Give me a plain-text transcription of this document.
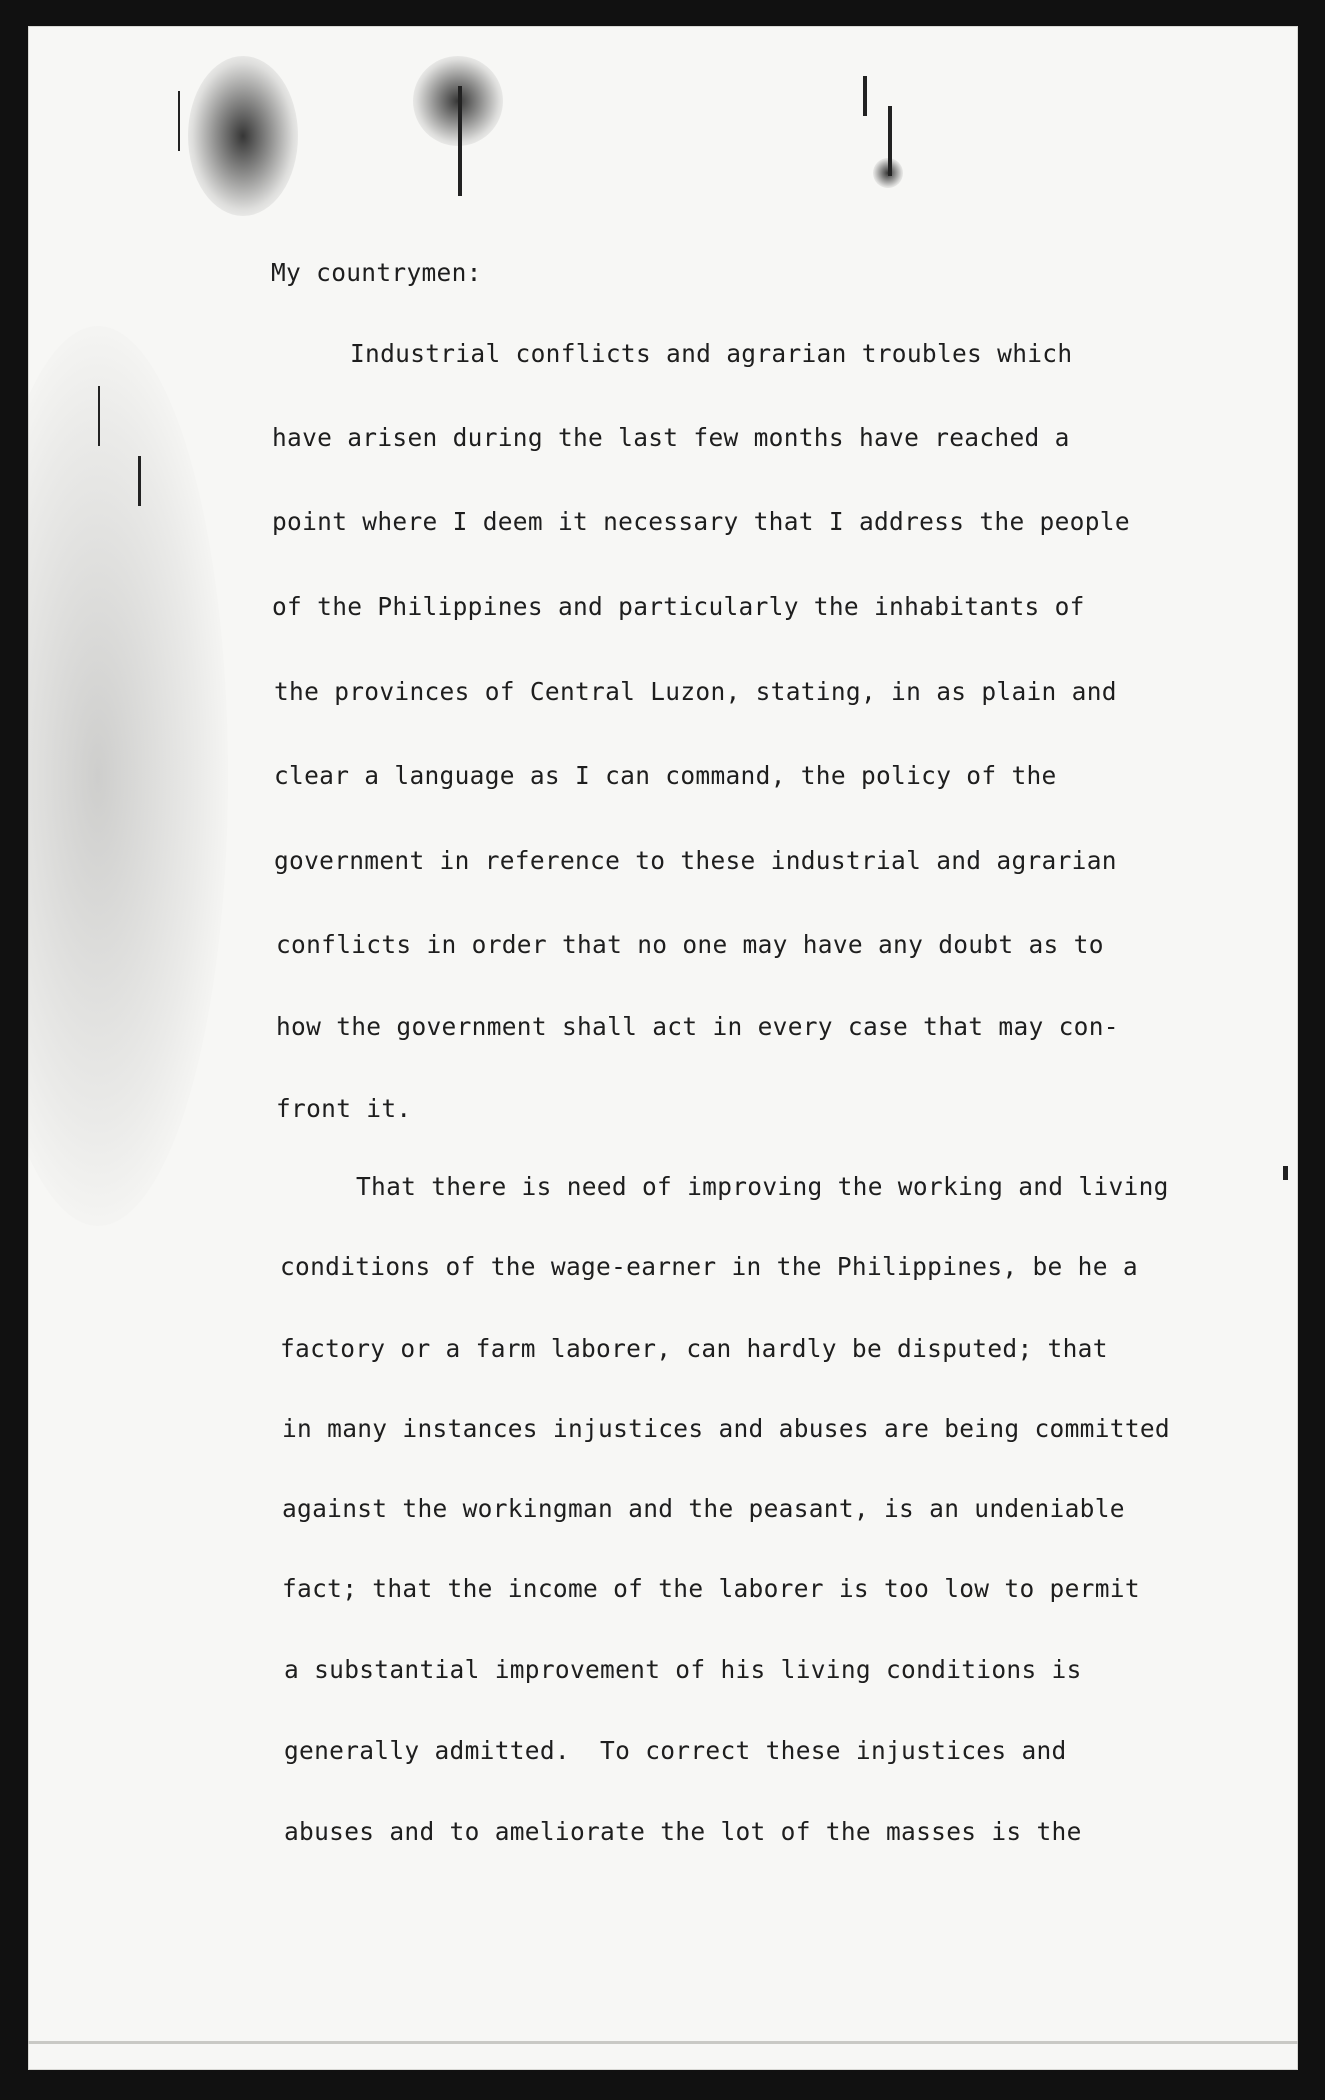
My countrymen:
Industrial conflicts and agrarian troubles which
have arisen during the last few months have reached a
point where I deem it necessary that I address the people
of the Philippines and particularly the inhabitants of
the provinces of Central Luzon, stating, in as plain and
clear a language as I can command, the policy of the
government in reference to these industrial and agrarian
conflicts in order that no one may have any doubt as to
how the government shall act in every case that may con-
front it.
That there is need of improving the working and living
conditions of the wage-earner in the Philippines, be he a
factory or a farm laborer, can hardly be disputed; that
in many instances injustices and abuses are being committed
against the workingman and the peasant, is an undeniable
fact; that the income of the laborer is too low to permit
a substantial improvement of his living conditions is
generally admitted.  To correct these injustices and
abuses and to ameliorate the lot of the masses is the
